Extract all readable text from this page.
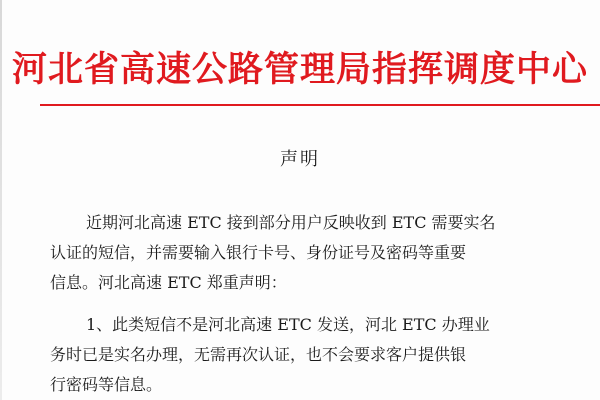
河北省高速公路管理局指挥调度中心
声明
近期河北高速 ETC 接到部分用户反映收到 ETC 需要实名
认证的短信，并需要输入银行卡号、身份证号及密码等重要
信息。河北高速 ETC 郑重声明：
1、此类短信不是河北高速 ETC 发送，河北 ETC 办理业
务时已是实名办理，无需再次认证，也不会要求客户提供银
行密码等信息。
